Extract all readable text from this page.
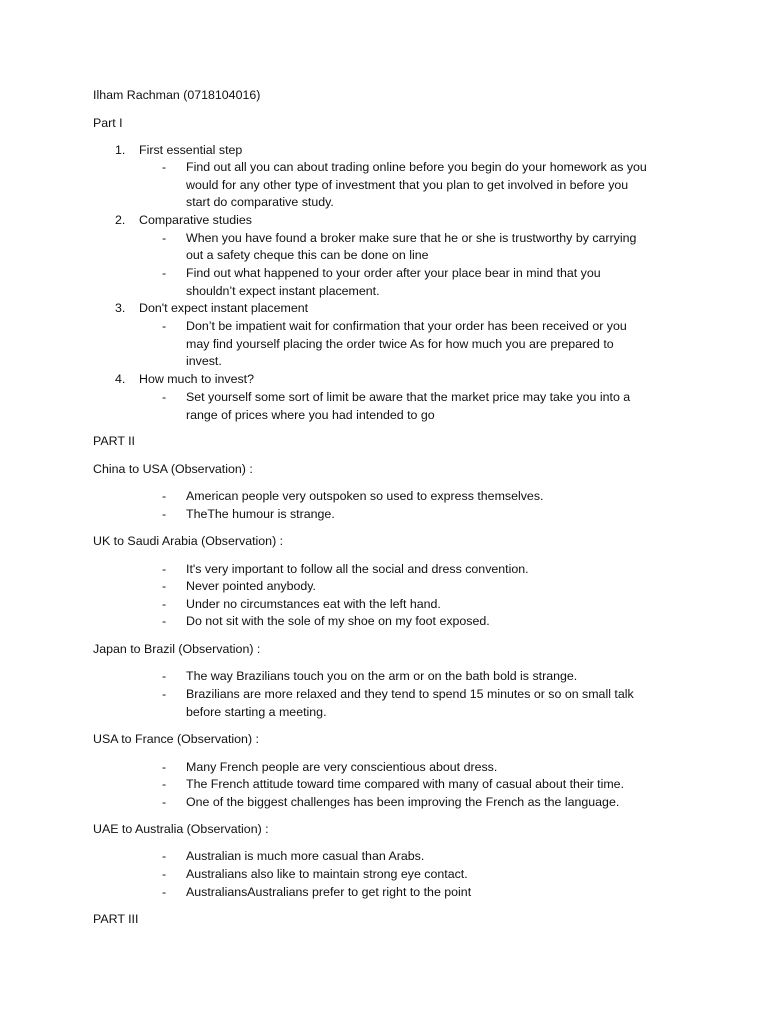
Ilham Rachman (0718104016)
Part I
1. First essential step
- Find out all you can about trading online before you begin do your homework as you
would for any other type of investment that you plan to get involved in before you
start do comparative study.
2. Comparative studies
- When you have found a broker make sure that he or she is trustworthy by carrying
out a safety cheque this can be done on line
- Find out what happened to your order after your place bear in mind that you
shouldn’t expect instant placement.
3. Don't expect instant placement
- Don’t be impatient wait for confirmation that your order has been received or you
may find yourself placing the order twice As for how much you are prepared to
invest.
4. How much to invest?
- Set yourself some sort of limit be aware that the market price may take you into a
range of prices where you had intended to go
PART II
China to USA (Observation) :
- American people very outspoken so used to express themselves.
- TheThe humour is strange.
UK to Saudi Arabia (Observation) :
- It's very important to follow all the social and dress convention.
- Never pointed anybody.
- Under no circumstances eat with the left hand.
- Do not sit with the sole of my shoe on my foot exposed.
Japan to Brazil (Observation) :
- The way Brazilians touch you on the arm or on the bath bold is strange.
- Brazilians are more relaxed and they tend to spend 15 minutes or so on small talk
before starting a meeting.
USA to France (Observation) :
- Many French people are very conscientious about dress.
- The French attitude toward time compared with many of casual about their time.
- One of the biggest challenges has been improving the French as the language.
UAE to Australia (Observation) :
- Australian is much more casual than Arabs.
- Australians also like to maintain strong eye contact.
- AustraliansAustralians prefer to get right to the point
PART III
